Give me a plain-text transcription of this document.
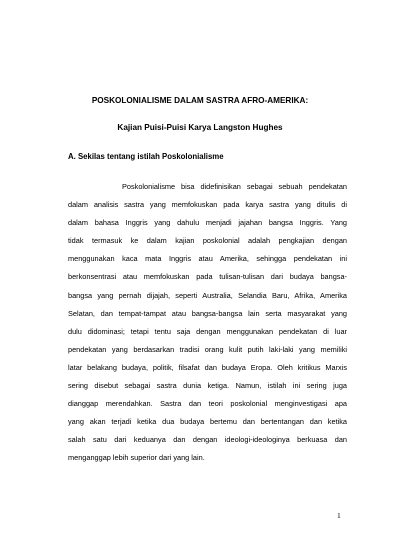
POSKOLONIALISME DALAM SASTRA AFRO-AMERIKA:
Kajian Puisi-Puisi Karya Langston Hughes
A. Sekilas tentang istilah Poskolonialisme
Poskolonialisme bisa didefinisikan sebagai sebuah pendekatan
dalam analisis sastra yang memfokuskan pada karya sastra yang ditulis di
dalam bahasa Inggris yang dahulu menjadi jajahan bangsa Inggris. Yang
tidak termasuk ke dalam kajian poskolonial adalah pengkajian dengan
menggunakan kaca mata Inggris atau Amerika, sehingga pendekatan ini
berkonsentrasi atau memfokuskan pada tulisan-tulisan dari budaya bangsa-
bangsa yang pernah dijajah, seperti Australia, Selandia Baru, Afrika, Amerika
Selatan, dan tempat-tampat atau bangsa-bangsa lain serta masyarakat yang
dulu didominasi; tetapi tentu saja dengan menggunakan pendekatan di luar
pendekatan yang berdasarkan tradisi orang kulit putih laki-laki yang memiliki
latar belakang budaya, politik, filsafat dan budaya Eropa. Oleh kritikus Marxis
sering disebut sebagai sastra dunia ketiga. Namun, istilah ini sering juga
dianggap merendahkan. Sastra dan teori poskolonial menginvestigasi apa
yang akan terjadi ketika dua budaya bertemu dan bertentangan dan ketika
salah satu dari keduanya dan dengan ideologi-ideologinya berkuasa dan
menganggap lebih superior dari yang lain.
1
